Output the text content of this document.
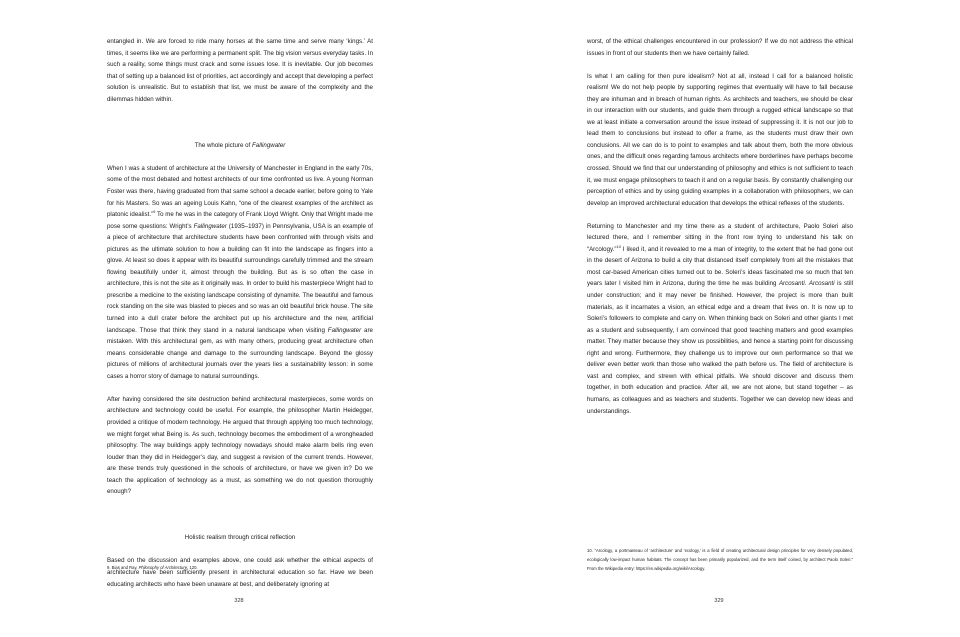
entangled in. We are forced to ride many horses at the same time and serve many ‘kings.’ At times, it seems like we are performing a permanent split. The big vision versus everyday tasks. In such a reality, some things must crack and some issues lose. It is inevitable. Our job becomes that of setting up a balanced list of priorities, act accordingly and accept that developing a perfect solution is unrealistic. But to establish that list, we must be aware of the complexity and the dilemmas hidden within.

The whole picture of Fallingwater

When I was a student of architecture at the University of Manchester in England in the early 70s, some of the most debated and hottest architects of our time confronted us live. A young Norman Foster was there, having graduated from that same school a decade earlier, before going to Yale for his Masters. So was an ageing Louis Kahn, “one of the clearest examples of the architect as platonic idealist.”$^9$ To me he was in the category of Frank Lloyd Wright. Only that Wright made me pose some questions: Wright’s Fallingwater (1935–1937) in Pennsylvania, USA is an example of a piece of architecture that architecture students have been confronted with through visits and pictures as the ultimate solution to how a building can fit into the landscape as fingers into a glove. At least so does it appear with its beautiful surroundings carefully trimmed and the stream flowing beautifully under it, almost through the building. But as is so often the case in architecture, this is not the site as it originally was. In order to build his masterpiece Wright had to prescribe a medicine to the existing landscape consisting of dynamite. The beautiful and famous rock standing on the site was blasted to pieces and so was an old beautiful brick house. The site turned into a dull crater before the architect put up his architecture and the new, artificial landscape. Those that think they stand in a natural landscape when visiting Fallingwater are mistaken. With this architectural gem, as with many others, producing great architecture often means considerable change and damage to the surrounding landscape. Beyond the glossy pictures of millions of architectural journals over the years lies a sustainability lesson: in some cases a horror story of damage to natural surroundings.

After having considered the site destruction behind architectural masterpieces, some words on architecture and technology could be useful. For example, the philosopher Martin Heidegger, provided a critique of modern technology. He argued that through applying too much technology, we might forget what Being is. As such, technology becomes the embodiment of a wrongheaded philosophy. The way buildings apply technology nowadays should make alarm bells ring even louder than they did in Heidegger’s day, and suggest a revision of the current trends. However, are these trends truly questioned in the schools of architecture, or have we given in? Do we teach the application of technology as a must, as something we do not question thoroughly enough?

Holistic realism through critical reflection

Based on the discussion and examples above, one could ask whether the ethical aspects of architecture have been sufficiently present in architectural education so far. Have we been educating architects who have been unaware at best, and deliberately ignoring at

9. Bias and Ray, Philosophy of Architecture, 120.
328

worst, of the ethical challenges encountered in our profession? If we do not address the ethical issues in front of our students then we have certainly failed.

Is what I am calling for then pure idealism? Not at all, instead I call for a balanced holistic realism! We do not help people by supporting regimes that eventually will have to fall because they are inhuman and in breach of human rights. As architects and teachers, we should be clear in our interaction with our students, and guide them through a rugged ethical landscape so that we at least initiate a conversation around the issue instead of suppressing it. It is not our job to lead them to conclusions but instead to offer a frame, as the students must draw their own conclusions. All we can do is to point to examples and talk about them, both the more obvious ones, and the difficult ones regarding famous architects where borderlines have perhaps become crossed. Should we find that our understanding of philosophy and ethics is not sufficient to teach it, we must engage philosophers to teach it and on a regular basis. By constantly challenging our perception of ethics and by using guiding examples in a collaboration with philosophers, we can develop an improved architectural education that develops the ethical reflexes of the students.

Returning to Manchester and my time there as a student of architecture, Paolo Soleri also lectured there, and I remember sitting in the front row trying to understand his talk on “Arcology.”$^{10}$ I liked it, and it revealed to me a man of integrity, to the extent that he had gone out in the desert of Arizona to build a city that distanced itself completely from all the mistakes that most car-based American cities turned out to be. Soleri’s ideas fascinated me so much that ten years later I visited him in Arizona, during the time he was building Arcosanti. Arcosanti is still under construction; and it may never be finished. However, the project is more than built materials, as it incarnates a vision, an ethical edge and a dream that lives on. It is now up to Soleri’s followers to complete and carry on. When thinking back on Soleri and other giants I met as a student and subsequently, I am convinced that good teaching matters and good examples matter. They matter because they show us possibilities, and hence a starting point for discussing right and wrong. Furthermore, they challenge us to improve our own performance so that we deliver even better work than those who walked the path before us. The field of architecture is vast and complex, and strewn with ethical pitfalls. We should discover and discuss them together, in both education and practice. After all, we are not alone, but stand together – as humans, as colleagues and as teachers and students. Together we can develop new ideas and understandings.

10. “Arcology, a portmanteau of ‘architecture’ and ‘ecology,’ is a field of creating architectural design principles for very densely populated, ecologically low-impact human habitats. The concept has been primarily popularized, and the term itself coined, by architect Paolo Soleri.” From the Wikipedia entry: https://en.wikipedia.org/wiki/Arcology.
329
